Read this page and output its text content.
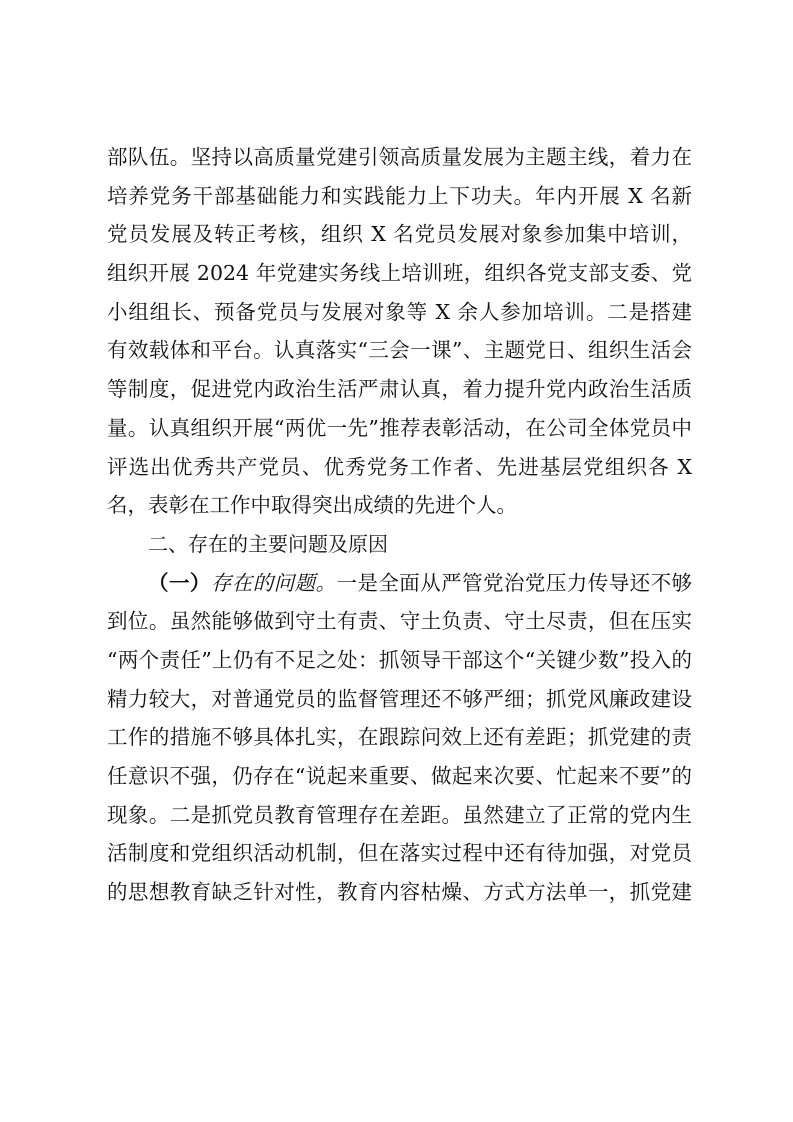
部队伍。坚持以高质量党建引领高质量发展为主题主线，着力在
培养党务干部基础能力和实践能力上下功夫。年内开展 X 名新
党员发展及转正考核，组织 X 名党员发展对象参加集中培训，
组织开展 2024 年党建实务线上培训班，组织各党支部支委、党
小组组长、预备党员与发展对象等 X 余人参加培训。二是搭建
有效载体和平台。认真落实“三会一课”、主题党日、组织生活会
等制度，促进党内政治生活严肃认真，着力提升党内政治生活质
量。认真组织开展“两优一先”推荐表彰活动，在公司全体党员中
评选出优秀共产党员、优秀党务工作者、先进基层党组织各 X
名，表彰在工作中取得突出成绩的先进个人。
二、存在的主要问题及原因
（一）存在的问题。一是全面从严管党治党压力传导还不够
到位。虽然能够做到守土有责、守土负责、守土尽责，但在压实
“两个责任”上仍有不足之处：抓领导干部这个“关键少数”投入的
精力较大，对普通党员的监督管理还不够严细；抓党风廉政建设
工作的措施不够具体扎实，在跟踪问效上还有差距；抓党建的责
任意识不强，仍存在“说起来重要、做起来次要、忙起来不要”的
现象。二是抓党员教育管理存在差距。虽然建立了正常的党内生
活制度和党组织活动机制，但在落实过程中还有待加强，对党员
的思想教育缺乏针对性，教育内容枯燥、方式方法单一，抓党建
